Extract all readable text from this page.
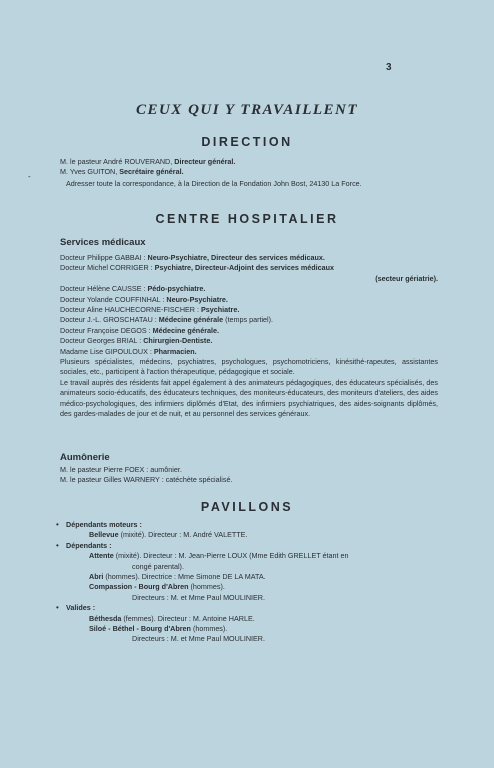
3
-
CEUX QUI Y TRAVAILLENT
DIRECTION
M. le pasteur André ROUVERAND, Directeur général.
M. Yves GUITON, Secrétaire général.
Adresser toute la correspondance, à la Direction de la Fondation John Bost, 24130 La Force.
CENTRE HOSPITALIER
Services médicaux
Docteur Philippe GABBAI : Neuro-Psychiatre, Directeur des services médicaux.
Docteur Michel CORRIGER : Psychiatre, Directeur-Adjoint des services médicaux
(secteur gériatrie).
Docteur Hélène CAUSSE : Pédo-psychiatre.
Docteur Yolande COUFFINHAL : Neuro-Psychiatre.
Docteur Aline HAUCHECORNE-FISCHER : Psychiatre.
Docteur J.-L. GROSCHATAU : Médecine générale (temps partiel).
Docteur Françoise DEGOS : Médecine générale.
Docteur Georges BRIAL : Chirurgien-Dentiste.
Madame Lise GIPOULOUX : Pharmacien.
Plusieurs spécialistes, médecins, psychiatres, psychologues, psychomotriciens, kinésithé-rapeutes, assistantes sociales, etc., participent à l'action thérapeutique, pédagogique et sociale.
Le travail auprès des résidents fait appel également à des animateurs pédagogiques, des éducateurs spécialisés, des animateurs socio-éducatifs, des éducateurs techniques, des moniteurs-éducateurs, des moniteurs d'ateliers, des aides médico-psychologiques, des infirmiers diplômés d'Etat, des infirmiers psychiatriques, des aides-soignants diplômés, des gardes-malades de jour et de nuit, et au personnel des services généraux.
Aumônerie
M. le pasteur Pierre FOEX : aumônier.
M. le pasteur Gilles WARNERY : catéchète spécialisé.
PAVILLONS
• Dépendants moteurs :
Bellevue (mixité). Directeur : M. André VALETTE.
• Dépendants :
Attente (mixité). Directeur : M. Jean-Pierre LOUX (Mme Edith GRELLET étant en
congé parental).
Abri (hommes). Directrice : Mme Simone DE LA MATA.
Compassion - Bourg d'Abren (hommes).
Directeurs : M. et Mme Paul MOULINIER.
• Valides :
Béthesda (femmes). Directeur : M. Antoine HARLE.
Siloé - Béthel - Bourg d'Abren (hommes).
Directeurs : M. et Mme Paul MOULINIER.
